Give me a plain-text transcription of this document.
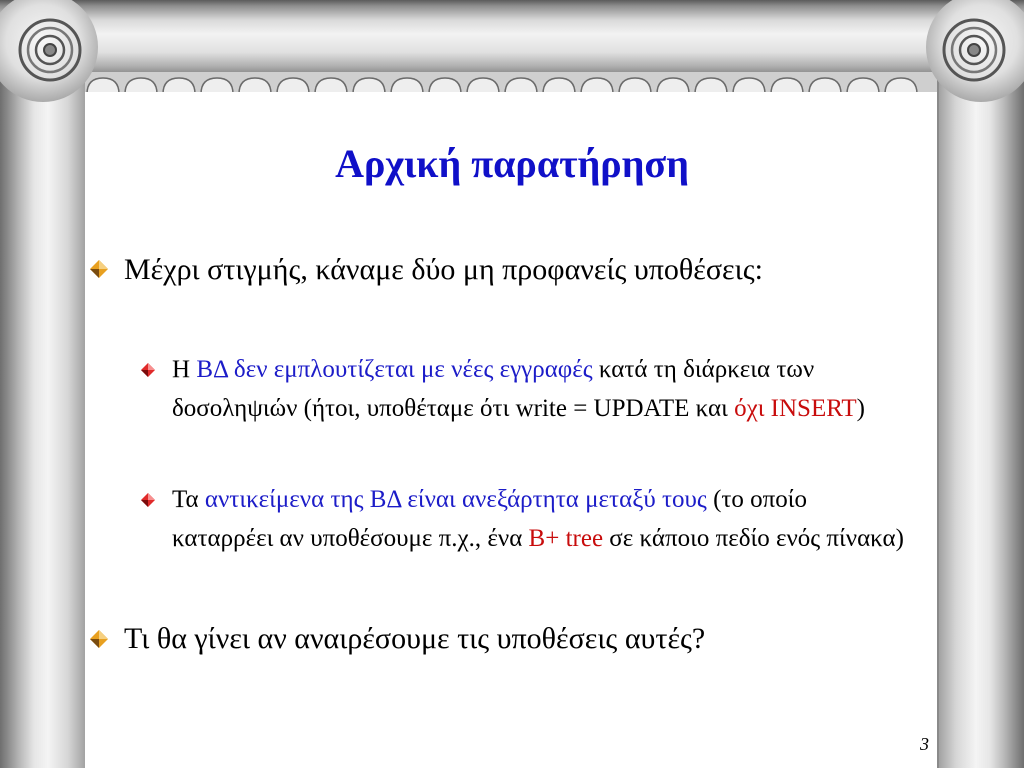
Αρχική παρατήρηση
Μέχρι στιγμής, κάναμε δύο μη προφανείς υποθέσεις:
Η ΒΔ δεν εμπλουτίζεται με νέες εγγραφές κατά τη διάρκεια των δοσοληψιών (ήτοι, υποθέταμε ότι write = UPDATE και όχι INSERT)
Τα αντικείμενα της ΒΔ είναι ανεξάρτητα μεταξύ τους (το οποίο καταρρέει αν υποθέσουμε π.χ., ένα B+ tree σε κάποιο πεδίο ενός πίνακα)
Τι θα γίνει αν αναιρέσουμε τις υποθέσεις αυτές?
3
